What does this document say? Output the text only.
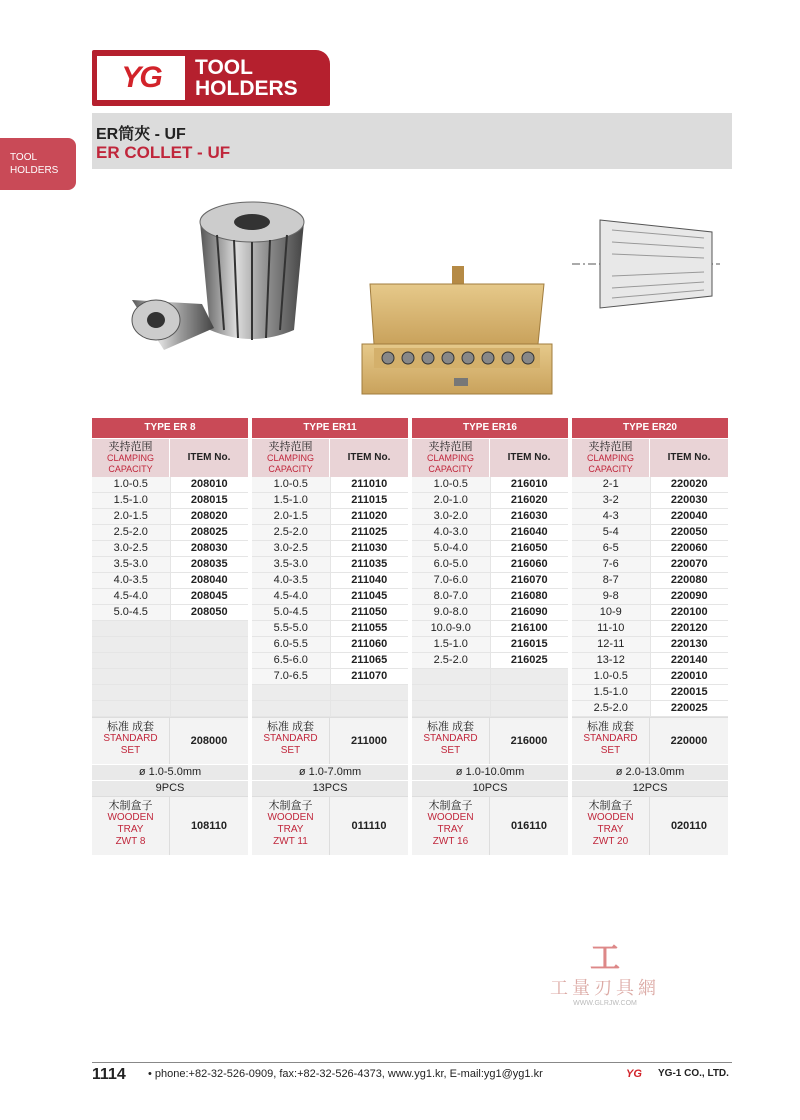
YG TOOL
HOLDERS
TOOL
HOLDERS
ER筒夾 - UF
ER COLLET - UF
TYPE ER 8
夹持范围
CLAMPING
CAPACITY
ITEM No.
1.0-0.5	208010
1.5-1.0	208015
2.0-1.5	208020
2.5-2.0	208025
3.0-2.5	208030
3.5-3.0	208035
4.0-3.5	208040
4.5-4.0	208045
5.0-4.5	208050
标准 成套
STANDARD
SET
208000
ø 1.0-5.0mm
9PCS
木制盒子
WOODEN
TRAY
ZWT 8
108110
TYPE ER11
夹持范围
CLAMPING
CAPACITY
ITEM No.
1.0-0.5	211010
1.5-1.0	211015
2.0-1.5	211020
2.5-2.0	211025
3.0-2.5	211030
3.5-3.0	211035
4.0-3.5	211040
4.5-4.0	211045
5.0-4.5	211050
5.5-5.0	211055
6.0-5.5	211060
6.5-6.0	211065
7.0-6.5	211070
标准 成套
STANDARD
SET
211000
ø 1.0-7.0mm
13PCS
木制盒子
WOODEN
TRAY
ZWT 11
011110
TYPE ER16
夹持范围
CLAMPING
CAPACITY
ITEM No.
1.0-0.5	216010
2.0-1.0	216020
3.0-2.0	216030
4.0-3.0	216040
5.0-4.0	216050
6.0-5.0	216060
7.0-6.0	216070
8.0-7.0	216080
9.0-8.0	216090
10.0-9.0	216100
1.5-1.0	216015
2.5-2.0	216025
标准 成套
STANDARD
SET
216000
ø 1.0-10.0mm
10PCS
木制盒子
WOODEN
TRAY
ZWT 16
016110
TYPE ER20
夹持范围
CLAMPING
CAPACITY
ITEM No.
2-1	220020
3-2	220030
4-3	220040
5-4	220050
6-5	220060
7-6	220070
8-7	220080
9-8	220090
10-9	220100
11-10	220120
12-11	220130
13-12	220140
1.0-0.5	220010
1.5-1.0	220015
2.5-2.0	220025
标准 成套
STANDARD
SET
220000
ø 2.0-13.0mm
12PCS
木制盒子
WOODEN
TRAY
ZWT 20
020110
工
工量刃具網
WWW.GLRJW.COM
1114 • phone:+82-32-526-0909, fax:+82-32-526-4373, www.yg1.kr, E-mail:yg1@yg1.kr	YG YG-1 CO., LTD.
